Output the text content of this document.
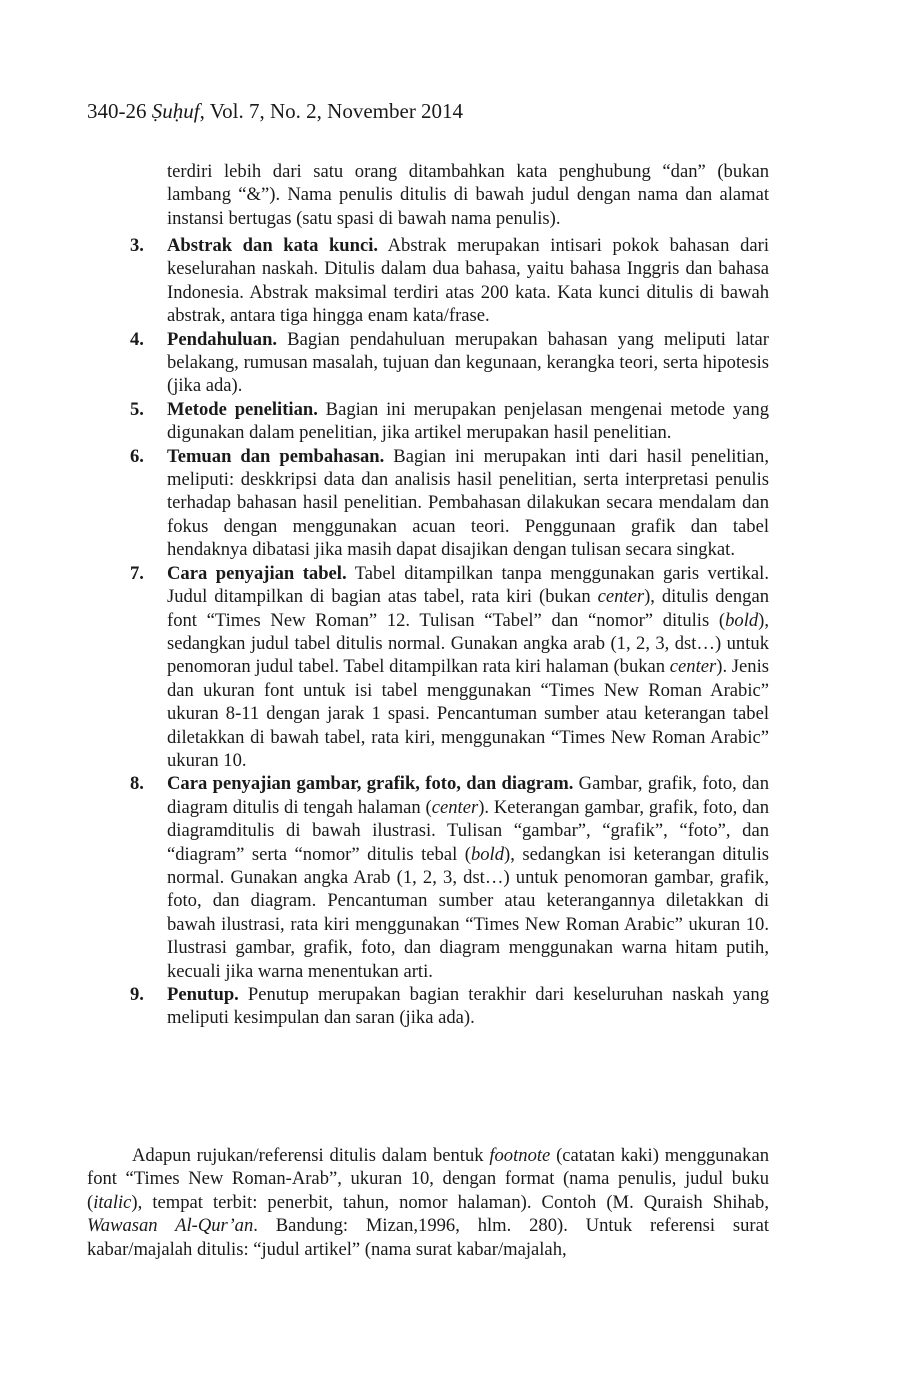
340-26 Ṣuḥuf, Vol. 7, No. 2, November 2014
terdiri lebih dari satu orang ditambahkan kata penghubung “dan” (bukan lambang “&”). Nama penulis ditulis di bawah judul dengan nama dan alamat instansi bertugas (satu spasi di bawah nama penulis).
3. Abstrak dan kata kunci. Abstrak merupakan intisari pokok bahasan dari keselurahan naskah. Ditulis dalam dua bahasa, yaitu bahasa Inggris dan bahasa Indonesia. Abstrak maksimal terdiri atas 200 kata. Kata kunci ditulis di bawah abstrak, antara tiga hingga enam kata/frase.
4. Pendahuluan. Bagian pendahuluan merupakan bahasan yang meliputi latar belakang, rumusan masalah, tujuan dan kegunaan, kerangka teori, serta hipotesis (jika ada).
5. Metode penelitian. Bagian ini merupakan penjelasan mengenai metode yang digunakan dalam penelitian, jika artikel merupakan hasil penelitian.
6. Temuan dan pembahasan. Bagian ini merupakan inti dari hasil penelitian, meliputi: deskkripsi data dan analisis hasil penelitian, serta interpretasi penulis terhadap bahasan hasil penelitian. Pembahasan dilakukan secara mendalam dan fokus dengan menggunakan acuan teori. Penggunaan grafik dan tabel hendaknya dibatasi jika masih dapat disajikan dengan tulisan secara singkat.
7. Cara penyajian tabel. Tabel ditampilkan tanpa menggunakan garis vertikal. Judul ditampilkan di bagian atas tabel, rata kiri (bukan center), ditulis dengan font “Times New Roman” 12. Tulisan “Tabel” dan “nomor” ditulis (bold), sedangkan judul tabel ditulis normal. Gunakan angka arab (1, 2, 3, dst…) untuk penomoran judul tabel. Tabel ditampilkan rata kiri halaman (bukan center). Jenis dan ukuran font untuk isi tabel menggunakan “Times New Roman Arabic” ukuran 8-11 dengan jarak 1 spasi. Pencantuman sumber atau keterangan tabel diletakkan di bawah tabel, rata kiri, menggunakan “Times New Roman Arabic” ukuran 10.
8. Cara penyajian gambar, grafik, foto, dan diagram. Gambar, grafik, foto, dan diagram ditulis di tengah halaman (center). Keterangan gambar, grafik, foto, dan diagramditulis di bawah ilustrasi. Tulisan “gambar”, “grafik”, “foto”, dan “diagram” serta “nomor” ditulis tebal (bold), sedangkan isi keterangan ditulis normal. Gunakan angka Arab (1, 2, 3, dst…) untuk penomoran gambar, grafik, foto, dan diagram. Pencantuman sumber atau keterangannya diletakkan di bawah ilustrasi, rata kiri menggunakan “Times New Roman Arabic” ukuran 10. Ilustrasi gambar, grafik, foto, dan diagram menggunakan warna hitam putih, kecuali jika warna menentukan arti.
9. Penutup. Penutup merupakan bagian terakhir dari keseluruhan naskah yang meliputi kesimpulan dan saran (jika ada).
Adapun rujukan/referensi ditulis dalam bentuk footnote (catatan kaki) menggunakan font “Times New Roman-Arab”, ukuran 10, dengan format (nama penulis, judul buku (italic), tempat terbit: penerbit, tahun, nomor halaman). Contoh (M. Quraish Shihab, Wawasan Al-Qur’an. Bandung: Mizan,1996, hlm. 280). Untuk referensi surat kabar/majalah ditulis: “judul artikel” (nama surat kabar/majalah,
